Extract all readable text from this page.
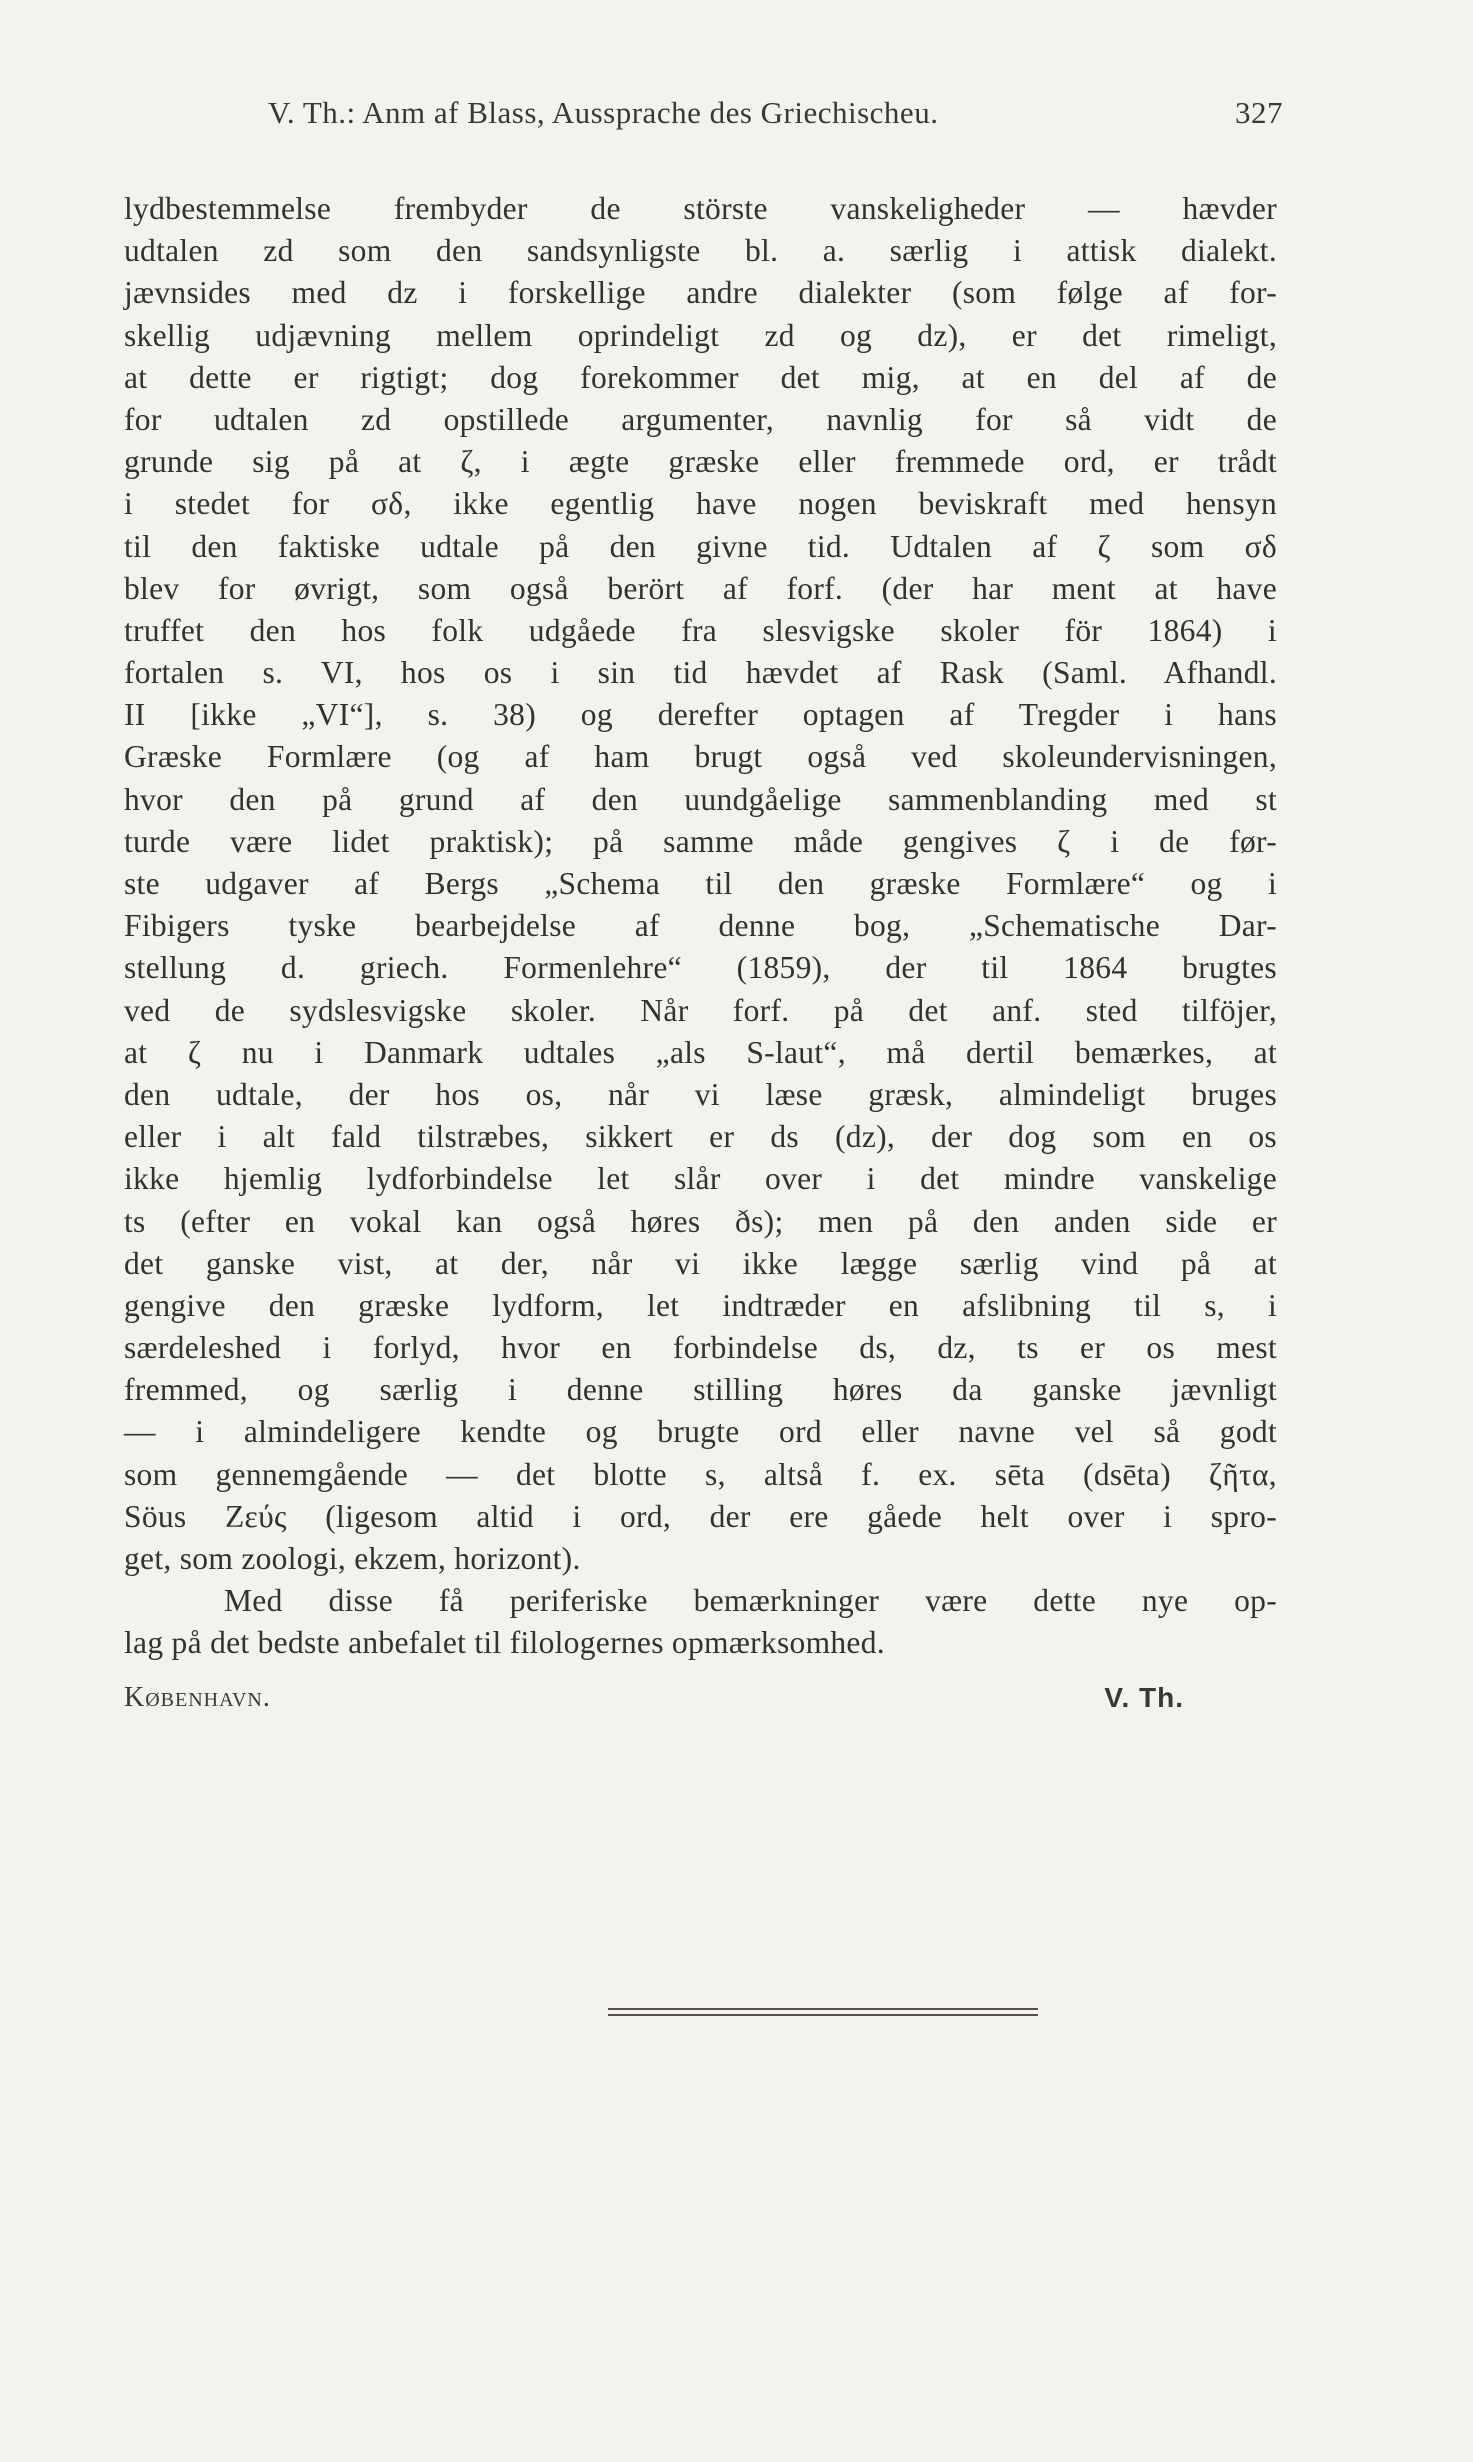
V. Th.: Anm af Blass, Aussprache des Griechischeu.	327
lydbestemmelse frembyder de störste vanskeligheder — hævder
udtalen zd som den sandsynligste bl. a. særlig i attisk dialekt.
jævnsides med dz i forskellige andre dialekter (som følge af for-
skellig udjævning mellem oprindeligt zd og dz), er det rimeligt,
at dette er rigtigt; dog forekommer det mig, at en del af de
for udtalen zd opstillede argumenter, navnlig for så vidt de
grunde sig på at ζ, i ægte græske eller fremmede ord, er trådt
i stedet for σδ, ikke egentlig have nogen beviskraft med hensyn
til den faktiske udtale på den givne tid. Udtalen af ζ som σδ
blev for øvrigt, som også berört af forf. (der har ment at have
truffet den hos folk udgåede fra slesvigske skoler för 1864) i
fortalen s. VI, hos os i sin tid hævdet af Rask (Saml. Afhandl.
II [ikke „VI“], s. 38) og derefter optagen af Tregder i hans
Græske Formlære (og af ham brugt også ved skoleundervisningen,
hvor den på grund af den uundgåelige sammenblanding med st
turde være lidet praktisk); på samme måde gengives ζ i de før-
ste udgaver af Bergs „Schema til den græske Formlære“ og i
Fibigers tyske bearbejdelse af denne bog, „Schematische Dar-
stellung d. griech. Formenlehre“ (1859), der til 1864 brugtes
ved de sydslesvigske skoler. Når forf. på det anf. sted tilföjer,
at ζ nu i Danmark udtales „als S-laut“, må dertil bemærkes, at
den udtale, der hos os, når vi læse græsk, almindeligt bruges
eller i alt fald tilstræbes, sikkert er ds (dz), der dog som en os
ikke hjemlig lydforbindelse let slår over i det mindre vanskelige
ts (efter en vokal kan også høres ðs); men på den anden side er
det ganske vist, at der, når vi ikke lægge særlig vind på at
gengive den græske lydform, let indtræder en afslibning til s, i
særdeleshed i forlyd, hvor en forbindelse ds, dz, ts er os mest
fremmed, og særlig i denne stilling høres da ganske jævnligt
— i almindeligere kendte og brugte ord eller navne vel så godt
som gennemgående — det blotte s, altså f. ex. sēta (dsēta) ζῆτα,
Söus Ζεύς (ligesom altid i ord, der ere gåede helt over i spro-
get, som zoologi, ekzem, horizont).
Med disse få periferiske bemærkninger være dette nye op-
lag på det bedste anbefalet til filologernes opmærksomhed.
København.	V. Th.
